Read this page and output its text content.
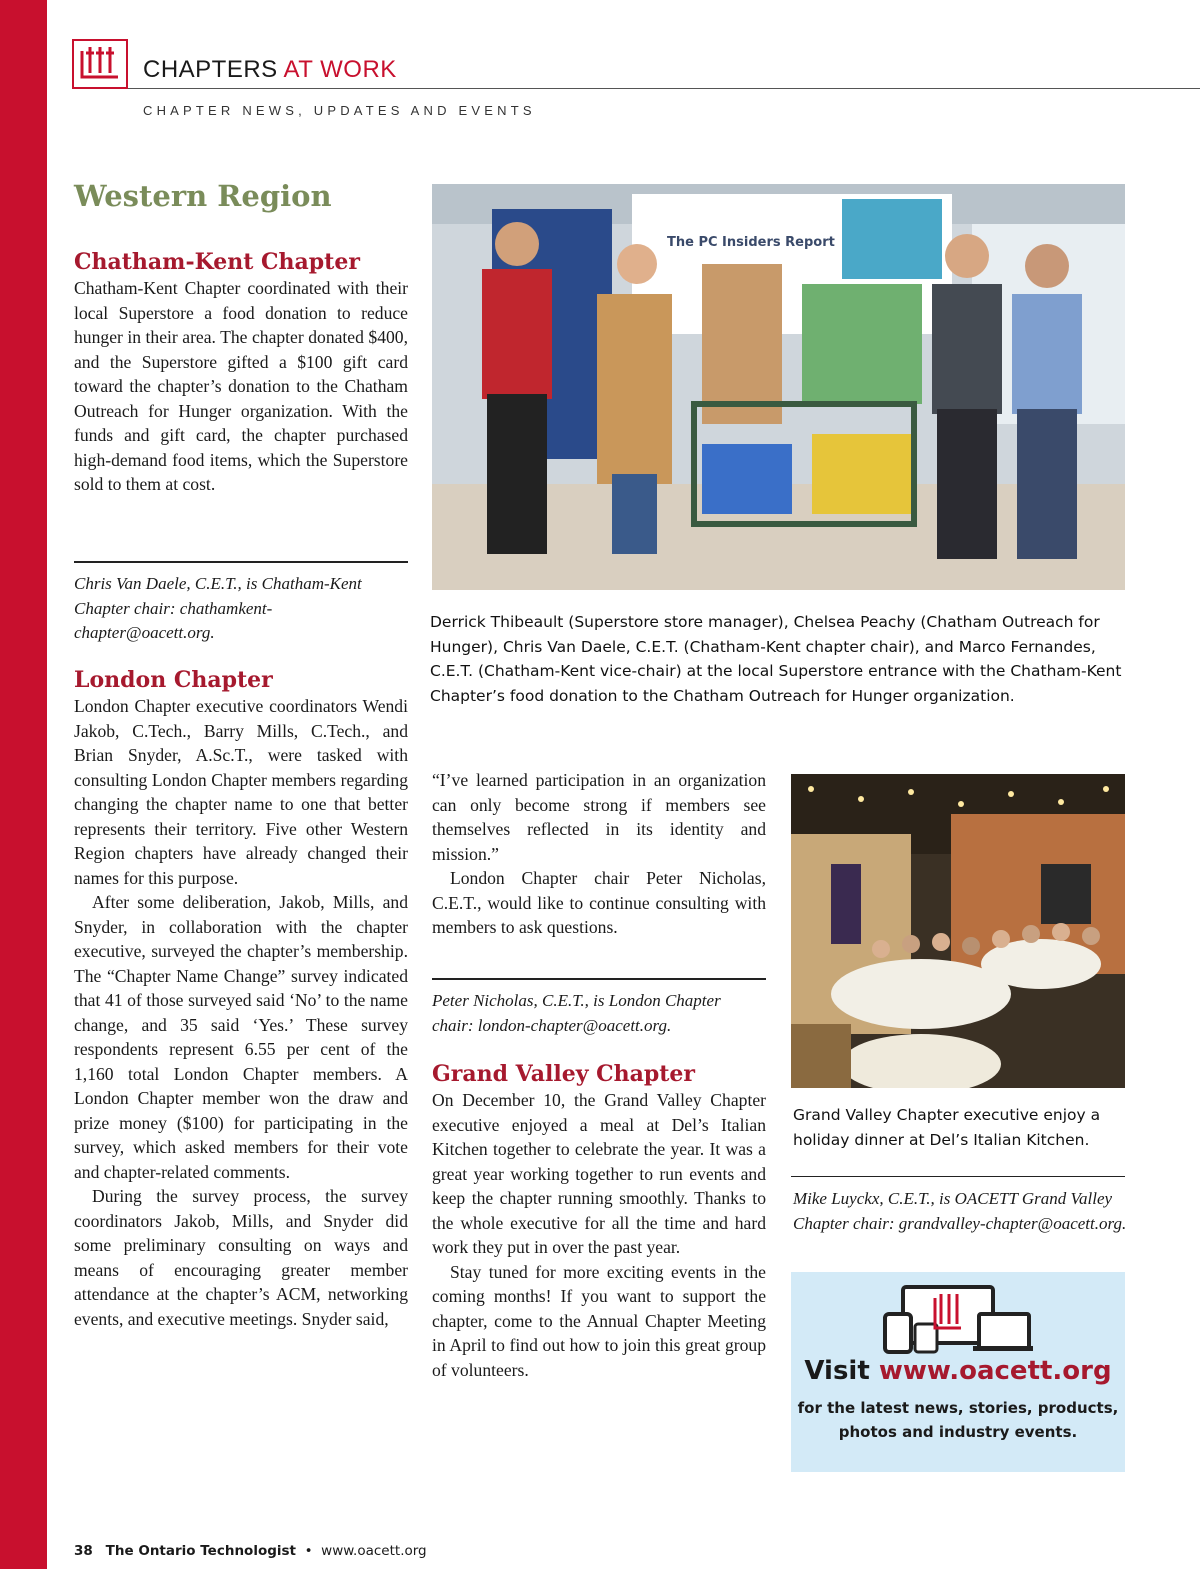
CHAPTERS AT WORK
CHAPTER NEWS, UPDATES AND EVENTS
Western Region
Chatham-Kent Chapter

Chatham-Kent Chapter coordinated with their local Superstore a food donation to reduce hunger in their area. The chapter donated $400, and the Superstore gifted a $100 gift card toward the chapter’s donation to the Chatham Outreach for Hunger organization. With the funds and gift card, the chapter purchased high-demand food items, which the Superstore sold to them at cost.

Chris Van Daele, C.E.T., is Chatham-Kent Chapter chair: chathamkent-chapter@oacett.org.
The PC Insiders Report
Derrick Thibeault (Superstore store manager), Chelsea Peachy (Chatham Outreach for Hunger), Chris Van Daele, C.E.T. (Chatham-Kent chapter chair), and Marco Fernandes, C.E.T. (Chatham-Kent vice-chair) at the local Superstore entrance with the Chatham-Kent Chapter’s food donation to the Chatham Outreach for Hunger organization.
London Chapter

London Chapter executive coordinators Wendi Jakob, C.Tech., Barry Mills, C.Tech., and Brian Snyder, A.Sc.T., were tasked with consulting London Chapter members regarding changing the chapter name to one that better represents their territory. Five other Western Region chapters have already changed their names for this purpose.

After some deliberation, Jakob, Mills, and Snyder, in collaboration with the chapter executive, surveyed the chapter’s membership. The “Chapter Name Change” survey indicated that 41 of those surveyed said ‘No’ to the name change, and 35 said ‘Yes.’ These survey respondents represent 6.55 per cent of the 1,160 total London Chapter members. A London Chapter member won the draw and prize money ($100) for participating in the survey, which asked members for their vote and chapter-related comments.

During the survey process, the survey coordinators Jakob, Mills, and Snyder did some preliminary consulting on ways and means of encouraging greater member attendance at the chapter’s ACM, networking events, and executive meetings. Snyder said,

“I’ve learned participation in an organization can only become strong if members see themselves reflected in its identity and mission.”

London Chapter chair Peter Nicholas, C.E.T., would like to continue consulting with members to ask questions.

Peter Nicholas, C.E.T., is London Chapter chair: london-chapter@oacett.org.
Grand Valley Chapter

On December 10, the Grand Valley Chapter executive enjoyed a meal at Del’s Italian Kitchen together to celebrate the year. It was a great year working together to run events and keep the chapter running smoothly. Thanks to the whole executive for all the time and hard work they put in over the past year.

Stay tuned for more exciting events in the coming months! If you want to support the chapter, come to the Annual Chapter Meeting in April to find out how to join this great group of volunteers.

Grand Valley Chapter executive enjoy a holiday dinner at Del’s Italian Kitchen.
Mike Luyckx, C.E.T., is OACETT Grand Valley Chapter chair: grandvalley-chapter@oacett.org.
Visit www.oacett.org
for the latest news, stories, products, photos and industry events.
38 The Ontario Technologist • www.oacett.org
